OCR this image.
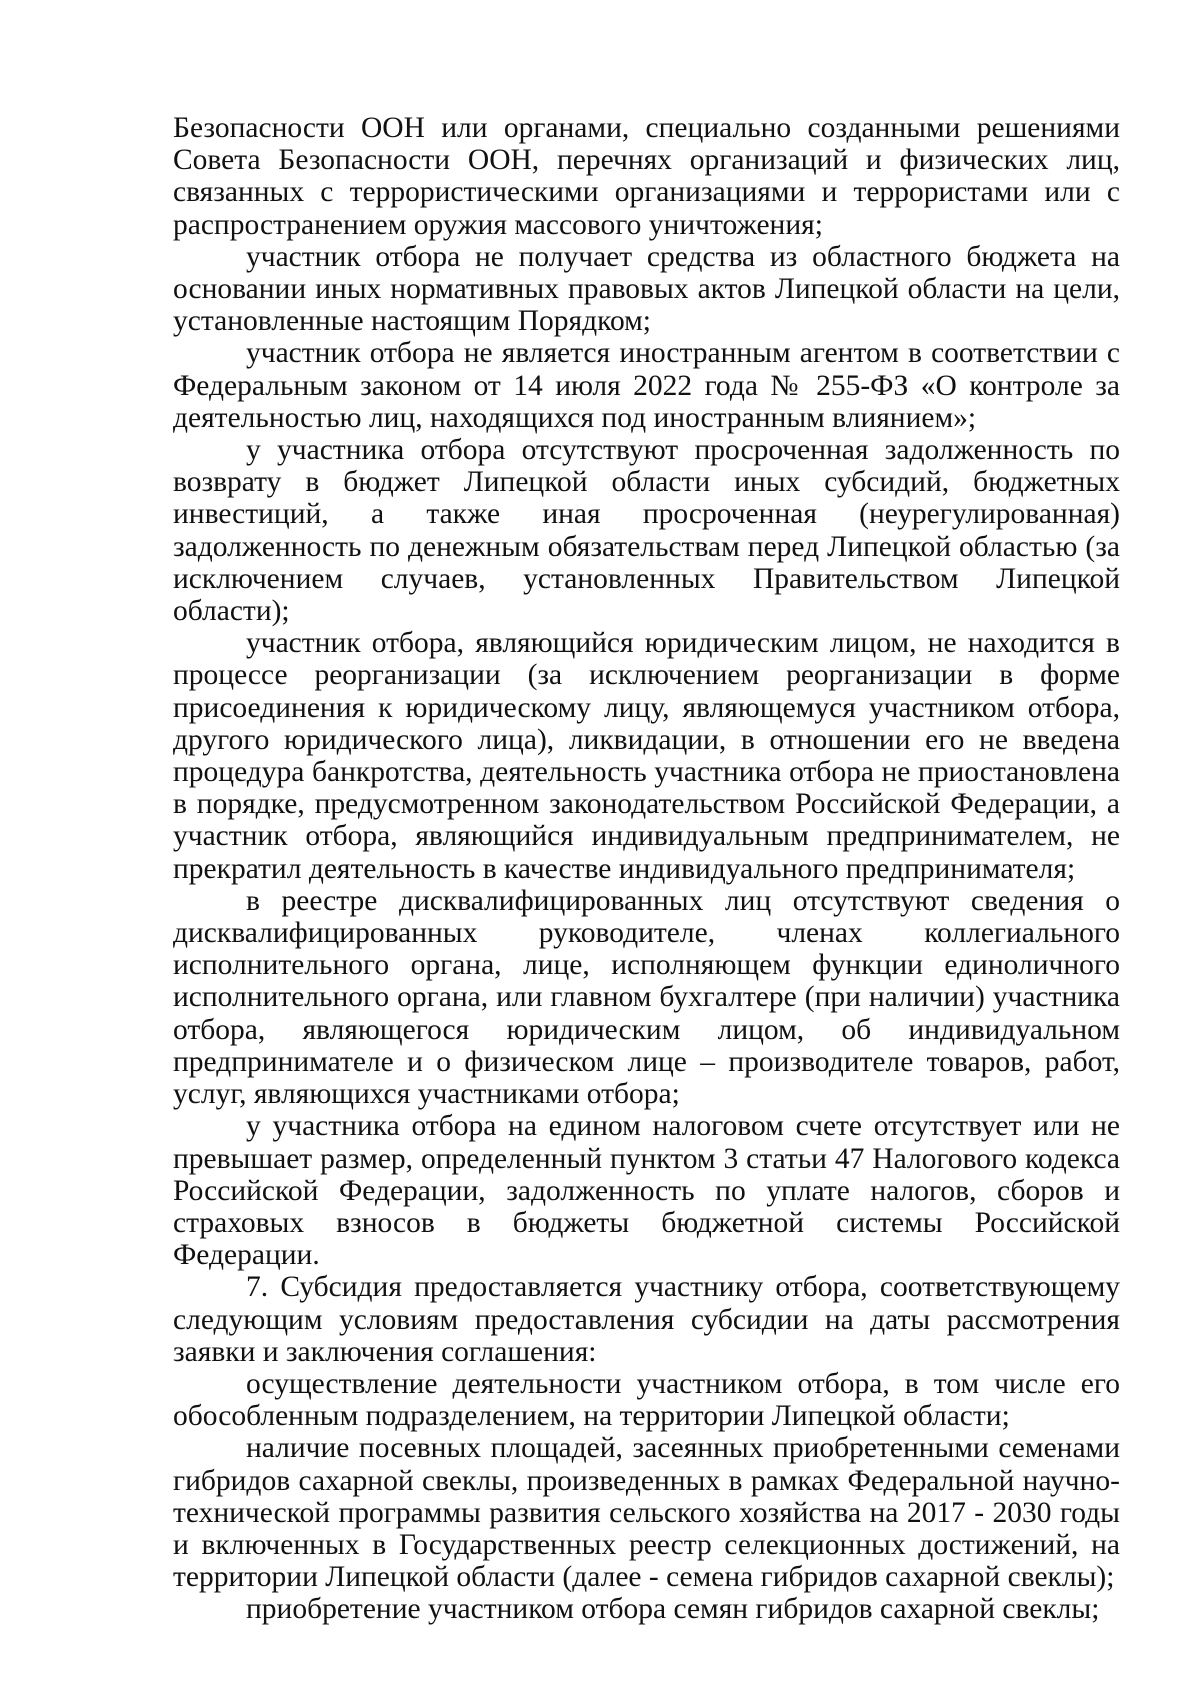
Безопасности ООН или органами, специально созданными решениями Совета Безопасности ООН, перечнях организаций и физических лиц, связанных с террористическими организациями и террористами или с распространением оружия массового уничтожения;

участник отбора не получает средства из областного бюджета на основании иных нормативных правовых актов Липецкой области на цели, установленные настоящим Порядком;

участник отбора не является иностранным агентом в соответствии с Федеральным законом от 14 июля 2022 года № 255-ФЗ «О контроле за деятельностью лиц, находящихся под иностранным влиянием»;

у участника отбора отсутствуют просроченная задолженность по возврату в бюджет Липецкой области иных субсидий, бюджетных инвестиций, а также иная просроченная (неурегулированная) задолженность по денежным обязательствам перед Липецкой областью (за исключением случаев, установленных Правительством Липецкой области);

участник отбора, являющийся юридическим лицом, не находится в процессе реорганизации (за исключением реорганизации в форме присоединения к юридическому лицу, являющемуся участником отбора, другого юридического лица), ликвидации, в отношении его не введена процедура банкротства, деятельность участника отбора не приостановлена в порядке, предусмотренном законодательством Российской Федерации, а участник отбора, являющийся индивидуальным предпринимателем, не прекратил деятельность в качестве индивидуального предпринимателя;

в реестре дисквалифицированных лиц отсутствуют сведения о дисквалифицированных руководителе, членах коллегиального исполнительного органа, лице, исполняющем функции единоличного исполнительного органа, или главном бухгалтере (при наличии) участника отбора, являющегося юридическим лицом, об индивидуальном предпринимателе и о физическом лице – производителе товаров, работ, услуг, являющихся участниками отбора;

у участника отбора на едином налоговом счете отсутствует или не превышает размер, определенный пунктом 3 статьи 47 Налогового кодекса Российской Федерации, задолженность по уплате налогов, сборов и страховых взносов в бюджеты бюджетной системы Российской Федерации.

7. Субсидия предоставляется участнику отбора, соответствующему следующим условиям предоставления субсидии на даты рассмотрения заявки и заключения соглашения:

осуществление деятельности участником отбора, в том числе его обособленным подразделением, на территории Липецкой области;

наличие посевных площадей, засеянных приобретенными семенами гибридов сахарной свеклы, произведенных в рамках Федеральной научно-технической программы развития сельского хозяйства на 2017 - 2030 годы и включенных в Государственных реестр селекционных достижений, на территории Липецкой области (далее - семена гибридов сахарной свеклы);

приобретение участником отбора семян гибридов сахарной свеклы;
